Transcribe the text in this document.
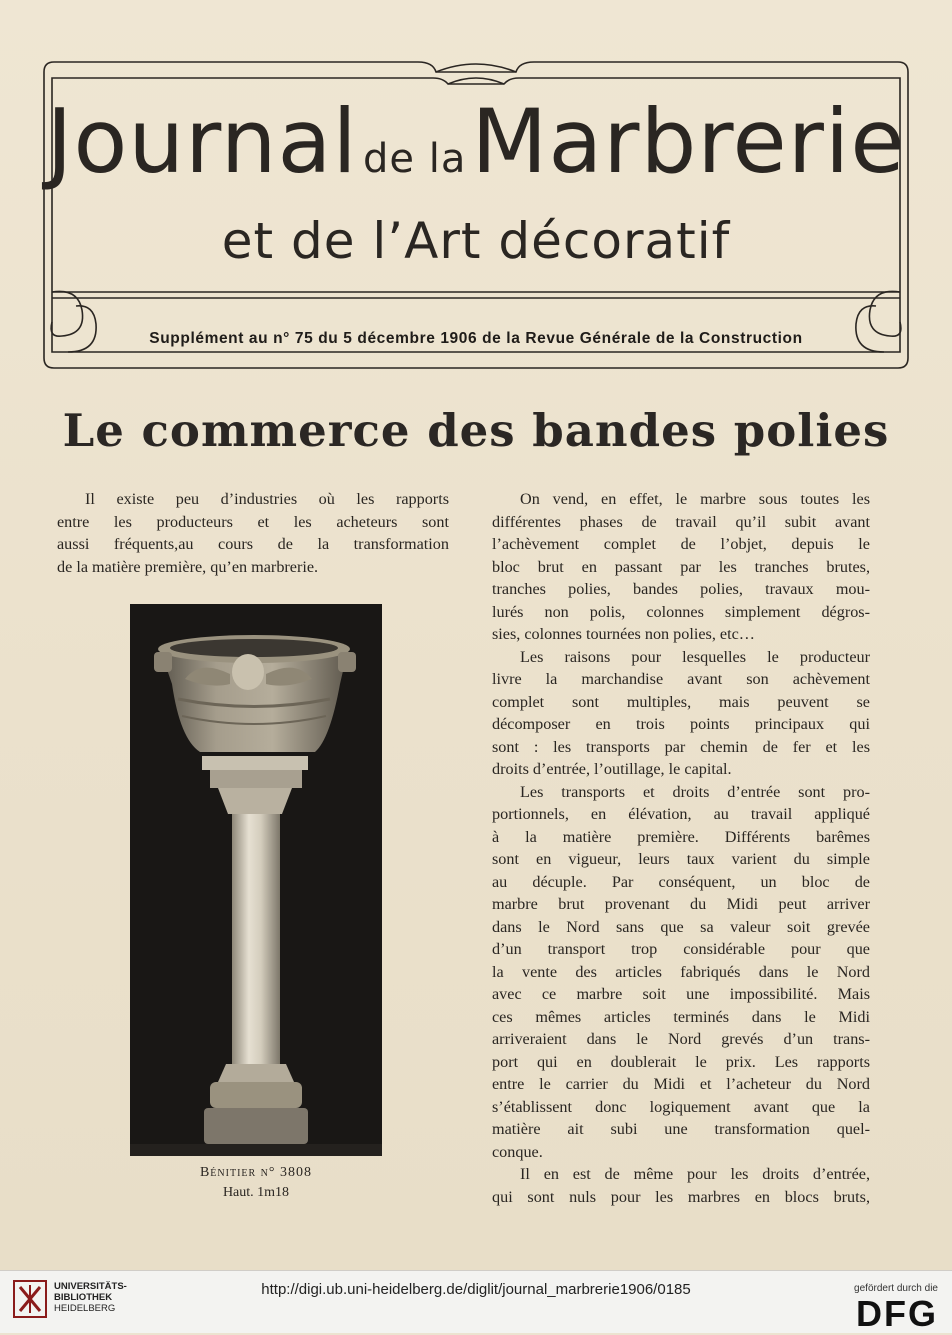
Journal de la Marbrerie
et de l’Art décoratif
Supplément au n° 75 du 5 décembre 1906 de la Revue Générale de la Construction
Le commerce des bandes polies

Il existe peu d’industries où les rapports
entre les producteurs et les acheteurs sont
aussi fréquents,au cours de la transformation
de la matière première, qu’en marbrerie.

Bénitier n° 3808
Haut. 1m18

On vend, en effet, le marbre sous toutes les
différentes phases de travail qu’il subit avant
l’achèvement complet de l’objet, depuis le
bloc brut en passant par les tranches brutes,
tranches polies, bandes polies, travaux mou-
lurés non polis, colonnes simplement dégros-
sies, colonnes tournées non polies, etc…

Les raisons pour lesquelles le producteur
livre la marchandise avant son achèvement
complet sont multiples, mais peuvent se
décomposer en trois points principaux qui
sont : les transports par chemin de fer et les
droits d’entrée, l’outillage, le capital.

Les transports et droits d’entrée sont pro-
portionnels, en élévation, au travail appliqué
à la matière première. Différents barêmes
sont en vigueur, leurs taux varient du simple
au décuple. Par conséquent, un bloc de
marbre brut provenant du Midi peut arriver
dans le Nord sans que sa valeur soit grevée
d’un transport trop considérable pour que
la vente des articles fabriqués dans le Nord
avec ce marbre soit une impossibilité. Mais
ces mêmes articles terminés dans le Midi
arriveraient dans le Nord grevés d’un trans-
port qui en doublerait le prix. Les rapports
entre le carrier du Midi et l’acheteur du Nord
s’établissent donc logiquement avant que la
matière ait subi une transformation quel-
conque.

Il en est de même pour les droits d’entrée,
qui sont nuls pour les marbres en blocs bruts,

UNIVERSITÄTS-
BIBLIOTHEK
HEIDELBERG
http://digi.ub.uni-heidelberg.de/diglit/journal_marbrerie1906/0185	gefördert durch die
DFG
